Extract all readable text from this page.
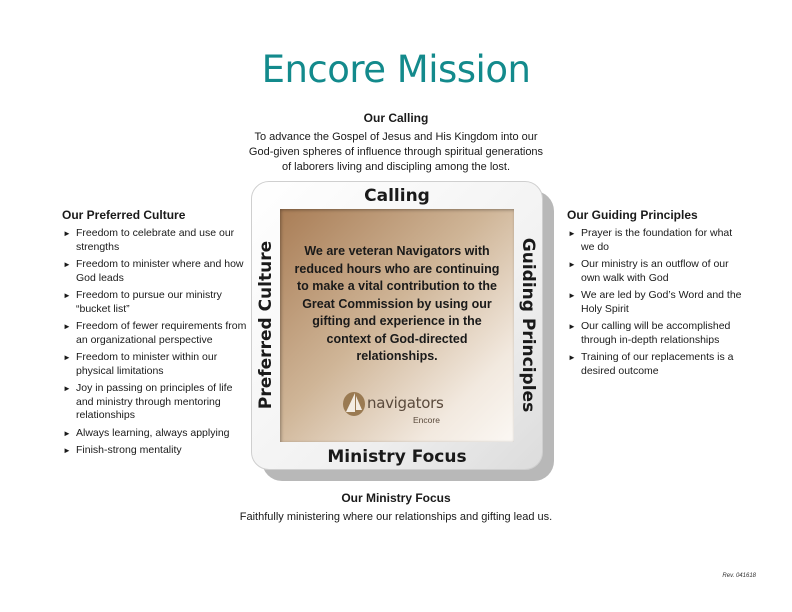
Encore Mission
Our Calling
To advance the Gospel of Jesus and His Kingdom into our
God-given spheres of influence through spiritual generations
of laborers living and discipling among the lost.
Our Preferred Culture
► Freedom to celebrate and use our strengths
► Freedom to minister where and how God leads
► Freedom to pursue our ministry “bucket list”
► Freedom of fewer requirements from an organizational perspective
► Freedom to minister within our physical limitations
► Joy in passing on principles of life and ministry through mentoring relationships
► Always learning, always applying
► Finish-strong mentality
Our Guiding Principles
► Prayer is the foundation for what we do
► Our ministry is an outflow of our own walk with God
► We are led by God’s Word and the Holy Spirit
► Our calling will be accomplished through in-depth relationships
► Training of our replacements is a desired outcome
Calling
Ministry Focus
Preferred Culture	Guiding Principles
We are veteran Navigators with reduced hours who are continuing to make a vital contribution to the Great Commission by using our gifting and experience in the context of God-directed relationships.
navigators
Encore
Our Ministry Focus
Faithfully ministering where our relationships and gifting lead us.
Rev. 041618
